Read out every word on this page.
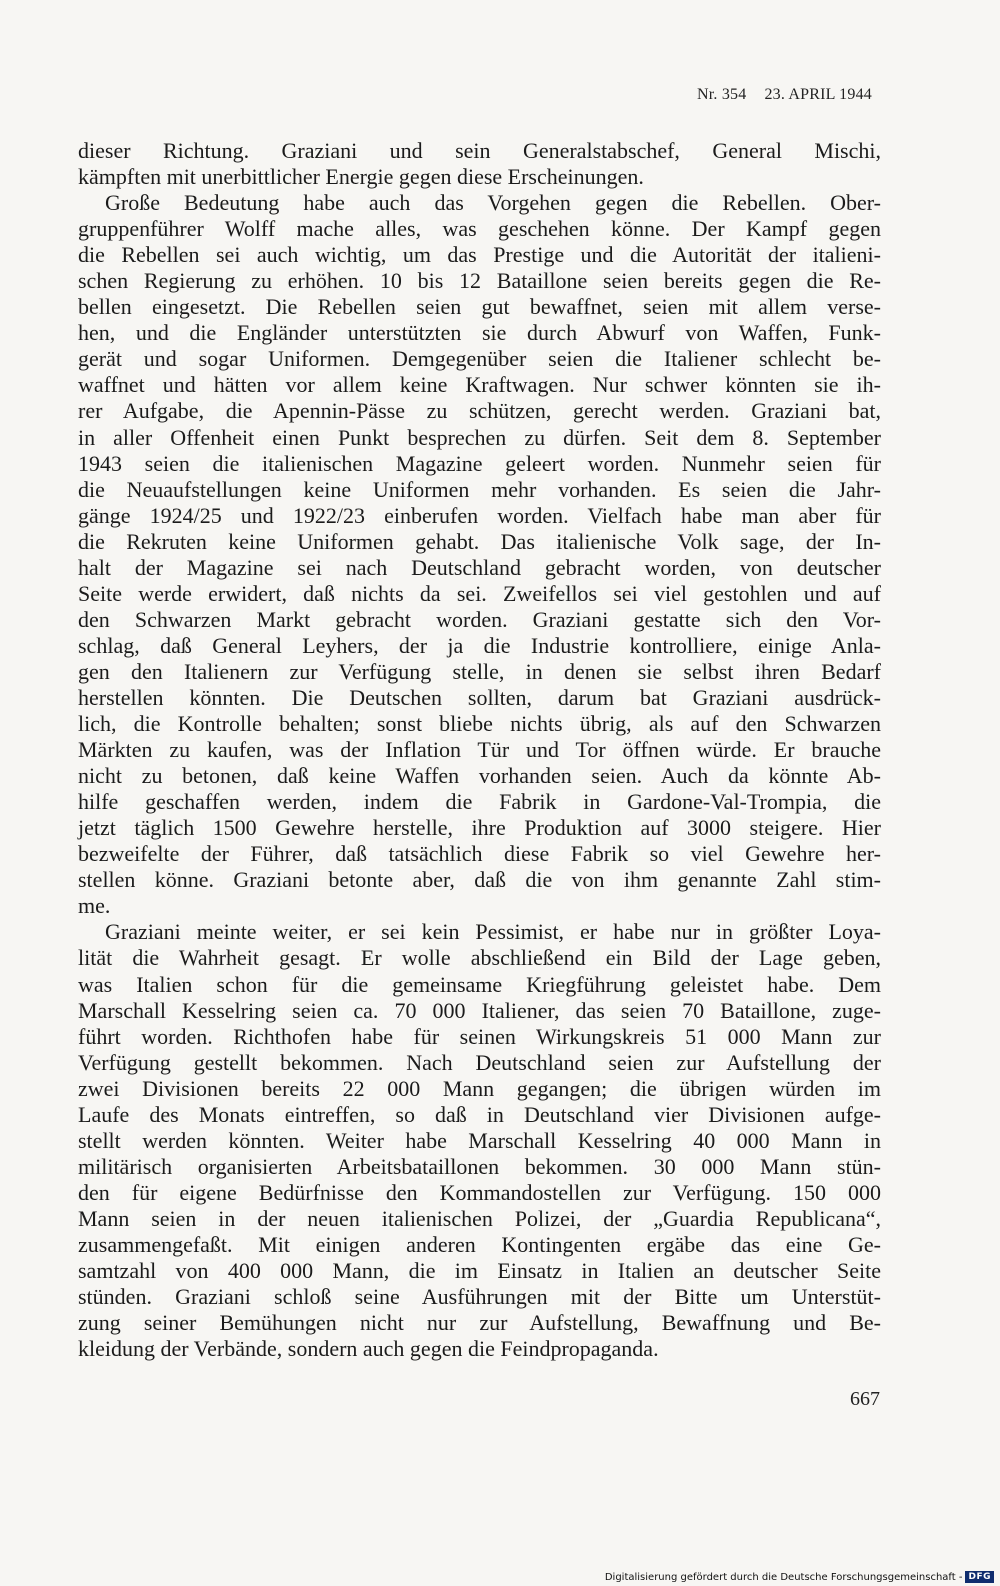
Nr. 354 23. APRIL 1944

dieser Richtung. Graziani und sein Generalstabschef, General Mischi,

kämpften mit unerbittlicher Energie gegen diese Erscheinungen.

Große Bedeutung habe auch das Vorgehen gegen die Rebellen. Ober-

gruppenführer Wolff mache alles, was geschehen könne. Der Kampf gegen

die Rebellen sei auch wichtig, um das Prestige und die Autorität der italieni-

schen Regierung zu erhöhen. 10 bis 12 Bataillone seien bereits gegen die Re-

bellen eingesetzt. Die Rebellen seien gut bewaffnet, seien mit allem verse-

hen, und die Engländer unterstützten sie durch Abwurf von Waffen, Funk-

gerät und sogar Uniformen. Demgegenüber seien die Italiener schlecht be-

waffnet und hätten vor allem keine Kraftwagen. Nur schwer könnten sie ih-

rer Aufgabe, die Apennin-Pässe zu schützen, gerecht werden. Graziani bat,

in aller Offenheit einen Punkt besprechen zu dürfen. Seit dem 8. September

1943 seien die italienischen Magazine geleert worden. Nunmehr seien für

die Neuaufstellungen keine Uniformen mehr vorhanden. Es seien die Jahr-

gänge 1924/25 und 1922/23 einberufen worden. Vielfach habe man aber für

die Rekruten keine Uniformen gehabt. Das italienische Volk sage, der In-

halt der Magazine sei nach Deutschland gebracht worden, von deutscher

Seite werde erwidert, daß nichts da sei. Zweifellos sei viel gestohlen und auf

den Schwarzen Markt gebracht worden. Graziani gestatte sich den Vor-

schlag, daß General Leyhers, der ja die Industrie kontrolliere, einige Anla-

gen den Italienern zur Verfügung stelle, in denen sie selbst ihren Bedarf

herstellen könnten. Die Deutschen sollten, darum bat Graziani ausdrück-

lich, die Kontrolle behalten; sonst bliebe nichts übrig, als auf den Schwarzen

Märkten zu kaufen, was der Inflation Tür und Tor öffnen würde. Er brauche

nicht zu betonen, daß keine Waffen vorhanden seien. Auch da könnte Ab-

hilfe geschaffen werden, indem die Fabrik in Gardone-Val-Trompia, die

jetzt täglich 1500 Gewehre herstelle, ihre Produktion auf 3000 steigere. Hier

bezweifelte der Führer, daß tatsächlich diese Fabrik so viel Gewehre her-

stellen könne. Graziani betonte aber, daß die von ihm genannte Zahl stim-

me.

Graziani meinte weiter, er sei kein Pessimist, er habe nur in größter Loya-

lität die Wahrheit gesagt. Er wolle abschließend ein Bild der Lage geben,

was Italien schon für die gemeinsame Kriegführung geleistet habe. Dem

Marschall Kesselring seien ca. 70 000 Italiener, das seien 70 Bataillone, zuge-

führt worden. Richthofen habe für seinen Wirkungskreis 51 000 Mann zur

Verfügung gestellt bekommen. Nach Deutschland seien zur Aufstellung der

zwei Divisionen bereits 22 000 Mann gegangen; die übrigen würden im

Laufe des Monats eintreffen, so daß in Deutschland vier Divisionen aufge-

stellt werden könnten. Weiter habe Marschall Kesselring 40 000 Mann in

militärisch organisierten Arbeitsbataillonen bekommen. 30 000 Mann stün-

den für eigene Bedürfnisse den Kommandostellen zur Verfügung. 150 000

Mann seien in der neuen italienischen Polizei, der „Guardia Republicana“,

zusammengefaßt. Mit einigen anderen Kontingenten ergäbe das eine Ge-

samtzahl von 400 000 Mann, die im Einsatz in Italien an deutscher Seite

stünden. Graziani schloß seine Ausführungen mit der Bitte um Unterstüt-

zung seiner Bemühungen nicht nur zur Aufstellung, Bewaffnung und Be-

kleidung der Verbände, sondern auch gegen die Feindpropaganda.

667
Digitalisierung gefördert durch die Deutsche Forschungsgemeinschaft - DFG
